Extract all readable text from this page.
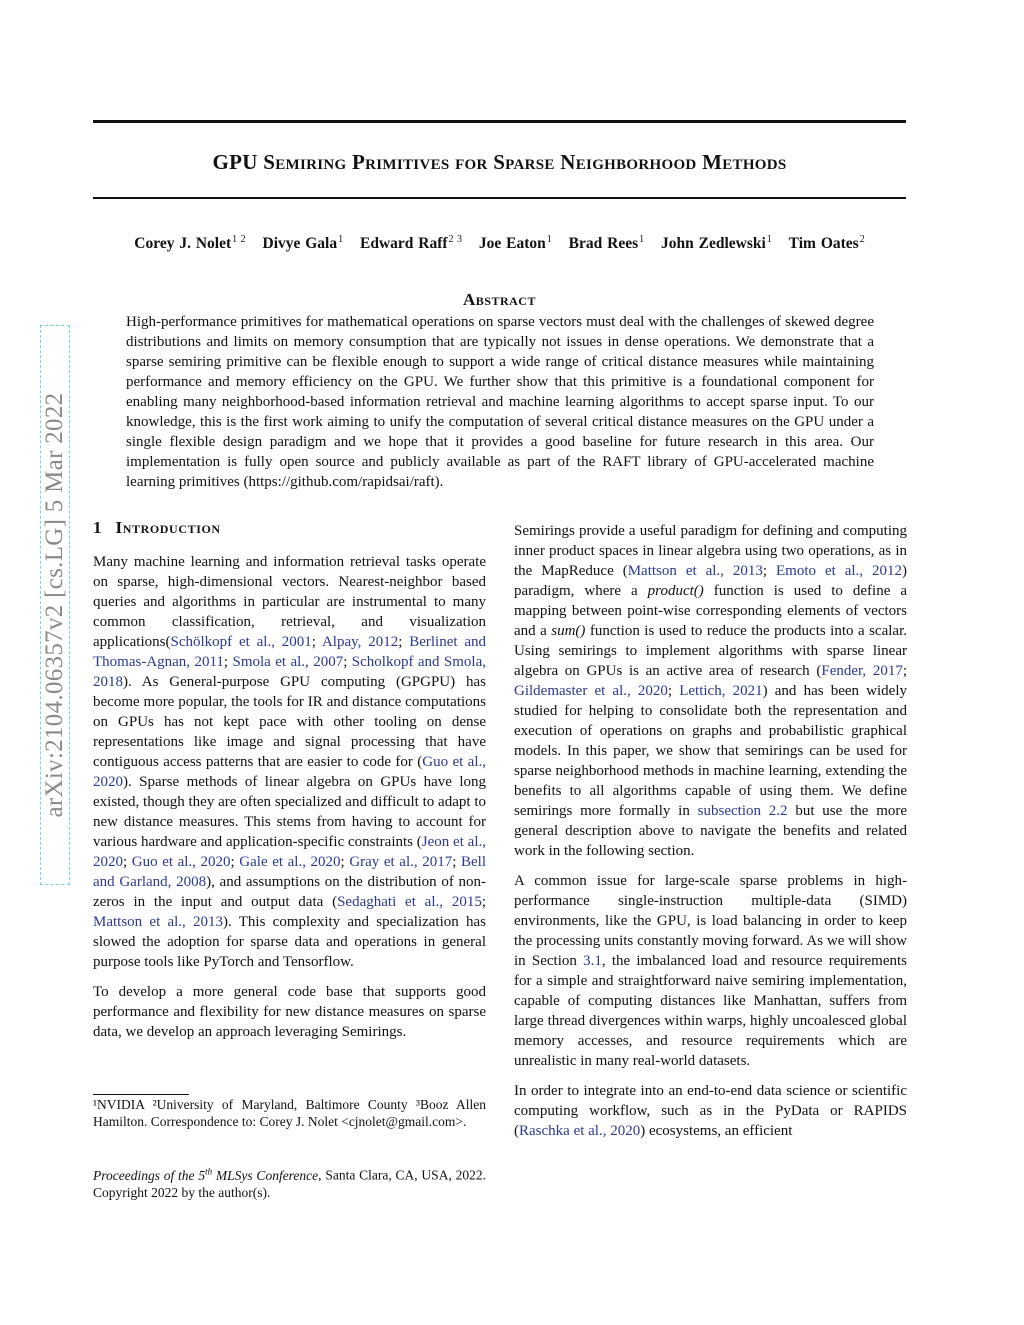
GPU Semiring Primitives for Sparse Neighborhood Methods
Corey J. Nolet$^{1 2}$ Divye Gala$^1$ Edward Raff$^{2 3}$ Joe Eaton$^1$ Brad Rees$^1$ John Zedlewski$^1$ Tim Oates$^2$
arXiv:2104.06357v2 [cs.LG] 5 Mar 2022
Abstract
High-performance primitives for mathematical operations on sparse vectors must deal with the challenges of skewed degree distributions and limits on memory consumption that are typically not issues in dense operations. We demonstrate that a sparse semiring primitive can be flexible enough to support a wide range of critical distance measures while maintaining performance and memory efficiency on the GPU. We further show that this primitive is a foundational component for enabling many neighborhood-based information retrieval and machine learning algorithms to accept sparse input. To our knowledge, this is the first work aiming to unify the computation of several critical distance measures on the GPU under a single flexible design paradigm and we hope that it provides a good baseline for future research in this area. Our implementation is fully open source and publicly available as part of the RAFT library of GPU-accelerated machine learning primitives (https://github.com/rapidsai/raft).
1 Introduction

Many machine learning and information retrieval tasks operate on sparse, high-dimensional vectors. Nearest-neighbor based queries and algorithms in particular are instrumental to many common classification, retrieval, and visualization applications(Schölkopf et al., 2001; Alpay, 2012; Berlinet and Thomas-Agnan, 2011; Smola et al., 2007; Scholkopf and Smola, 2018). As General-purpose GPU computing (GPGPU) has become more popular, the tools for IR and distance computations on GPUs has not kept pace with other tooling on dense representations like image and signal processing that have contiguous access patterns that are easier to code for (Guo et al., 2020). Sparse methods of linear algebra on GPUs have long existed, though they are often specialized and difficult to adapt to new distance measures. This stems from having to account for various hardware and application-specific constraints (Jeon et al., 2020; Guo et al., 2020; Gale et al., 2020; Gray et al., 2017; Bell and Garland, 2008), and assumptions on the distribution of non-zeros in the input and output data (Sedaghati et al., 2015; Mattson et al., 2013). This complexity and specialization has slowed the adoption for sparse data and operations in general purpose tools like PyTorch and Tensorflow.

To develop a more general code base that supports good performance and flexibility for new distance measures on sparse data, we develop an approach leveraging Semirings.

Semirings provide a useful paradigm for defining and computing inner product spaces in linear algebra using two operations, as in the MapReduce (Mattson et al., 2013; Emoto et al., 2012) paradigm, where a product() function is used to define a mapping between point-wise corresponding elements of vectors and a sum() function is used to reduce the products into a scalar. Using semirings to implement algorithms with sparse linear algebra on GPUs is an active area of research (Fender, 2017; Gildemaster et al., 2020; Lettich, 2021) and has been widely studied for helping to consolidate both the representation and execution of operations on graphs and probabilistic graphical models. In this paper, we show that semirings can be used for sparse neighborhood methods in machine learning, extending the benefits to all algorithms capable of using them. We define semirings more formally in subsection 2.2 but use the more general description above to navigate the benefits and related work in the following section.

A common issue for large-scale sparse problems in high-performance single-instruction multiple-data (SIMD) environments, like the GPU, is load balancing in order to keep the processing units constantly moving forward. As we will show in Section 3.1, the imbalanced load and resource requirements for a simple and straightforward naive semiring implementation, capable of computing distances like Manhattan, suffers from large thread divergences within warps, highly uncoalesced global memory accesses, and resource requirements which are unrealistic in many real-world datasets.

In order to integrate into an end-to-end data science or scientific computing workflow, such as in the PyData or RAPIDS (Raschka et al., 2020) ecosystems, an efficient

¹NVIDIA ²University of Maryland, Baltimore County ³Booz Allen Hamilton. Correspondence to: Corey J. Nolet <cjnolet@gmail.com>.
Proceedings of the 5th MLSys Conference, Santa Clara, CA, USA, 2022. Copyright 2022 by the author(s).
